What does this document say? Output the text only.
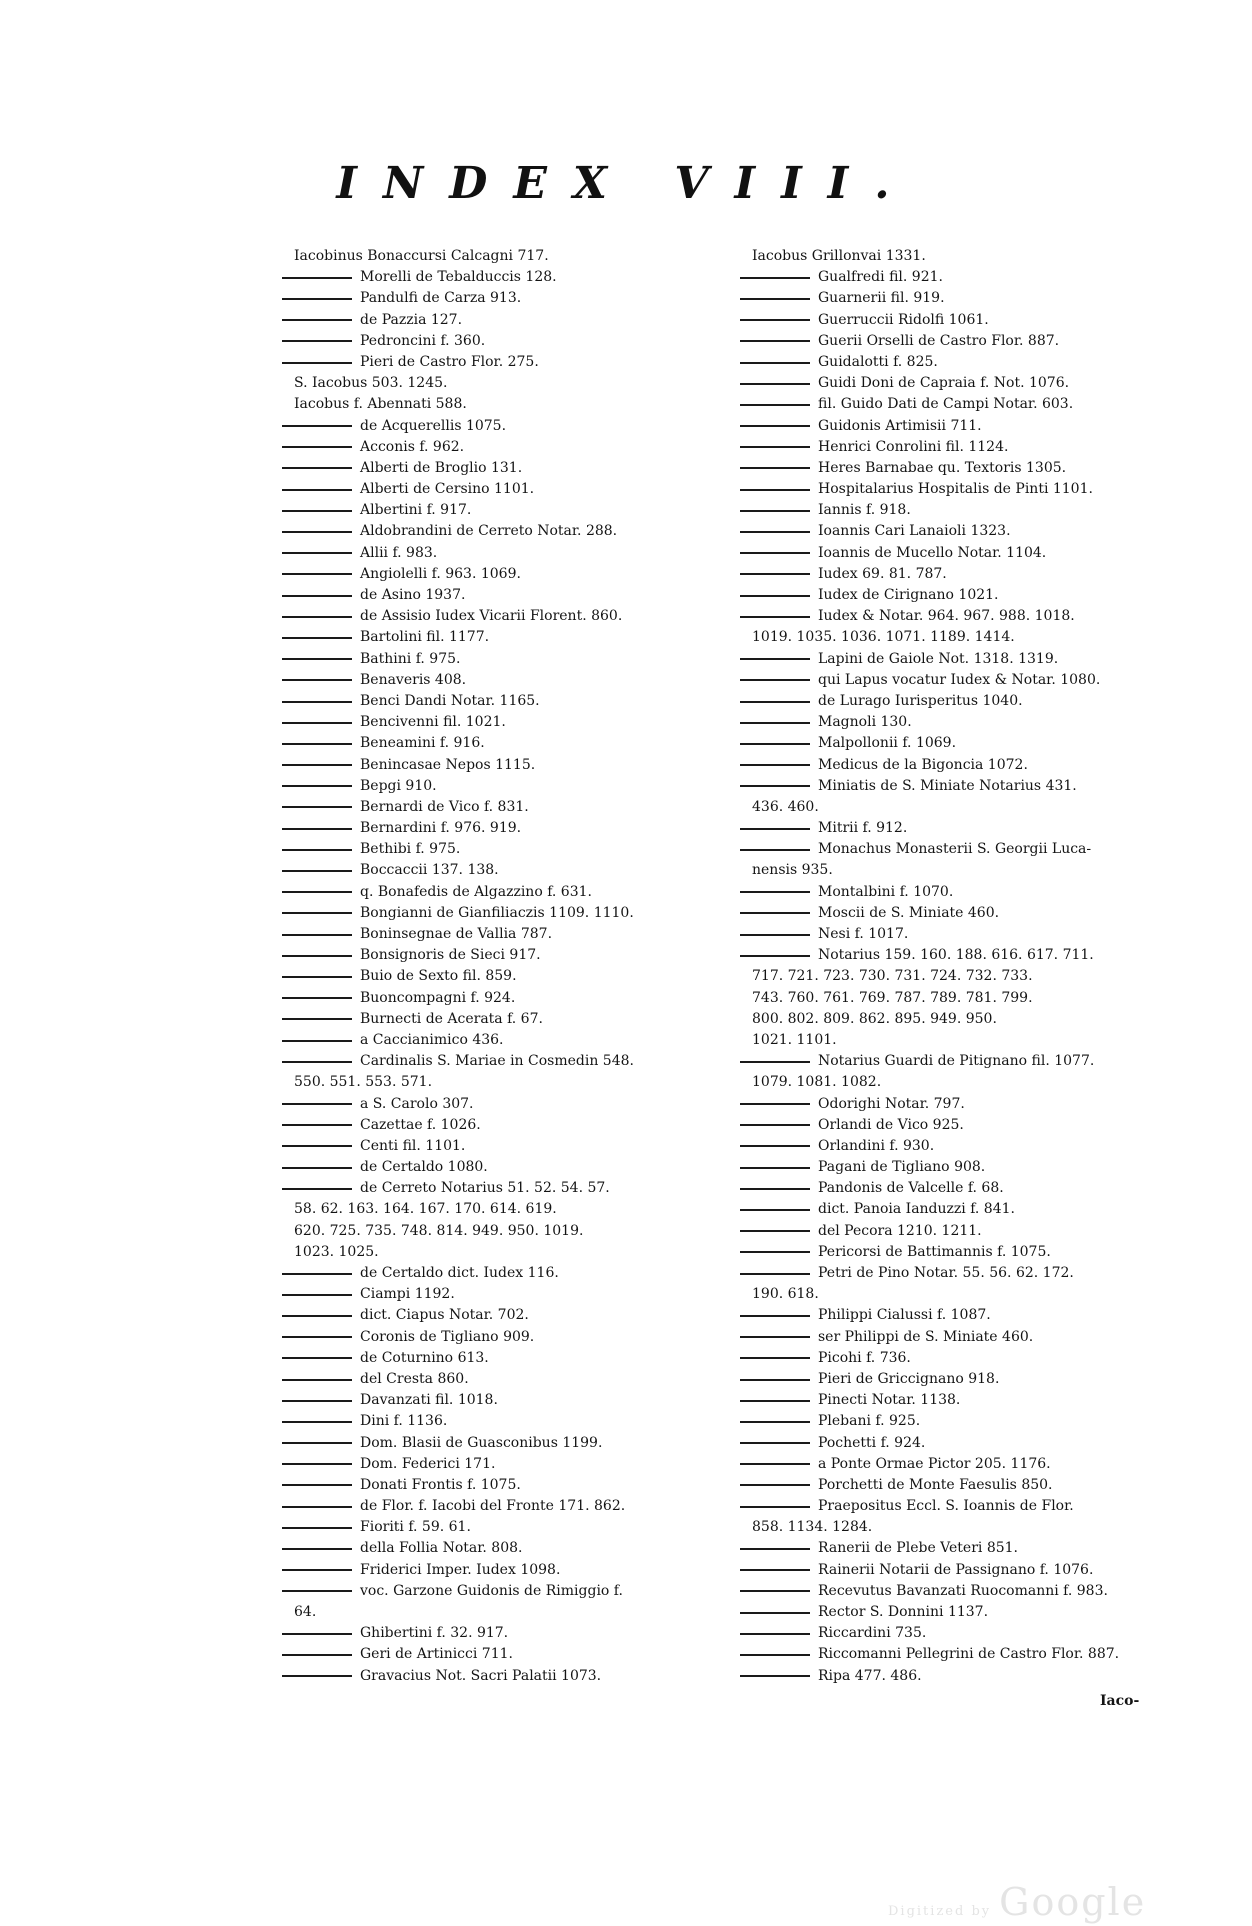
INDEX VIII.
Iacobinus Bonaccursi Calcagni 717.
Morelli de Tebalduccis 128.
Pandulfi de Carza 913.
de Pazzia 127.
Pedroncini f. 360.
Pieri de Castro Flor. 275.
S. Iacobus 503. 1245.
Iacobus f. Abennati 588.
de Acquerellis 1075.
Acconis f. 962.
Alberti de Broglio 131.
Alberti de Cersino 1101.
Albertini f. 917.
Aldobrandini de Cerreto Notar. 288.
Allii f. 983.
Angiolelli f. 963. 1069.
de Asino 1937.
de Assisio Iudex Vicarii Florent. 860.
Bartolini fil. 1177.
Bathini f. 975.
Benaveris 408.
Benci Dandi Notar. 1165.
Bencivenni fil. 1021.
Beneamini f. 916.
Benincasae Nepos 1115.
Bepgi 910.
Bernardi de Vico f. 831.
Bernardini f. 976. 919.
Bethibi f. 975.
Boccaccii 137. 138.
q. Bonafedis de Algazzino f. 631.
Bongianni de Gianfiliaczis 1109. 1110.
Boninsegnae de Vallia 787.
Bonsignoris de Sieci 917.
Buio de Sexto fil. 859.
Buoncompagni f. 924.
Burnecti de Acerata f. 67.
a Caccianimico 436.
Cardinalis S. Mariae in Cosmedin 548.
550. 551. 553. 571.
a S. Carolo 307.
Cazettae f. 1026.
Centi fil. 1101.
de Certaldo 1080.
de Cerreto Notarius 51. 52. 54. 57.
58. 62. 163. 164. 167. 170. 614. 619.
620. 725. 735. 748. 814. 949. 950. 1019.
1023. 1025.
de Certaldo dict. Iudex 116.
Ciampi 1192.
dict. Ciapus Notar. 702.
Coronis de Tigliano 909.
de Coturnino 613.
del Cresta 860.
Davanzati fil. 1018.
Dini f. 1136.
Dom. Blasii de Guasconibus 1199.
Dom. Federici 171.
Donati Frontis f. 1075.
de Flor. f. Iacobi del Fronte 171. 862.
Fioriti f. 59. 61.
della Follia Notar. 808.
Friderici Imper. Iudex 1098.
voc. Garzone Guidonis de Rimiggio f.
64.
Ghibertini f. 32. 917.
Geri de Artinicci 711.
Gravacius Not. Sacri Palatii 1073.
Iacobus Grillonvai 1331.
Gualfredi fil. 921.
Guarnerii fil. 919.
Guerruccii Ridolfi 1061.
Guerii Orselli de Castro Flor. 887.
Guidalotti f. 825.
Guidi Doni de Capraia f. Not. 1076.
fil. Guido Dati de Campi Notar. 603.
Guidonis Artimisii 711.
Henrici Conrolini fil. 1124.
Heres Barnabae qu. Textoris 1305.
Hospitalarius Hospitalis de Pinti 1101.
Iannis f. 918.
Ioannis Cari Lanaioli 1323.
Ioannis de Mucello Notar. 1104.
Iudex 69. 81. 787.
Iudex de Cirignano 1021.
Iudex & Notar. 964. 967. 988. 1018.
1019. 1035. 1036. 1071. 1189. 1414.
Lapini de Gaiole Not. 1318. 1319.
qui Lapus vocatur Iudex & Notar. 1080.
de Lurago Iurisperitus 1040.
Magnoli 130.
Malpollonii f. 1069.
Medicus de la Bigoncia 1072.
Miniatis de S. Miniate Notarius 431.
436. 460.
Mitrii f. 912.
Monachus Monasterii S. Georgii Luca-
nensis 935.
Montalbini f. 1070.
Moscii de S. Miniate 460.
Nesi f. 1017.
Notarius 159. 160. 188. 616. 617. 711.
717. 721. 723. 730. 731. 724. 732. 733.
743. 760. 761. 769. 787. 789. 781. 799.
800. 802. 809. 862. 895. 949. 950.
1021. 1101.
Notarius Guardi de Pitignano fil. 1077.
1079. 1081. 1082.
Odorighi Notar. 797.
Orlandi de Vico 925.
Orlandini f. 930.
Pagani de Tigliano 908.
Pandonis de Valcelle f. 68.
dict. Panoia Ianduzzi f. 841.
del Pecora 1210. 1211.
Pericorsi de Battimannis f. 1075.
Petri de Pino Notar. 55. 56. 62. 172.
190. 618.
Philippi Cialussi f. 1087.
ser Philippi de S. Miniate 460.
Picohi f. 736.
Pieri de Griccignano 918.
Pinecti Notar. 1138.
Plebani f. 925.
Pochetti f. 924.
a Ponte Ormae Pictor 205. 1176.
Porchetti de Monte Faesulis 850.
Praepositus Eccl. S. Ioannis de Flor.
858. 1134. 1284.
Ranerii de Plebe Veteri 851.
Rainerii Notarii de Passignano f. 1076.
Recevutus Bavanzati Ruocomanni f. 983.
Rector S. Donnini 1137.
Riccardini 735.
Riccomanni Pellegrini de Castro Flor. 887.
Ripa 477. 486.
Iaco-
Digitized by Google
